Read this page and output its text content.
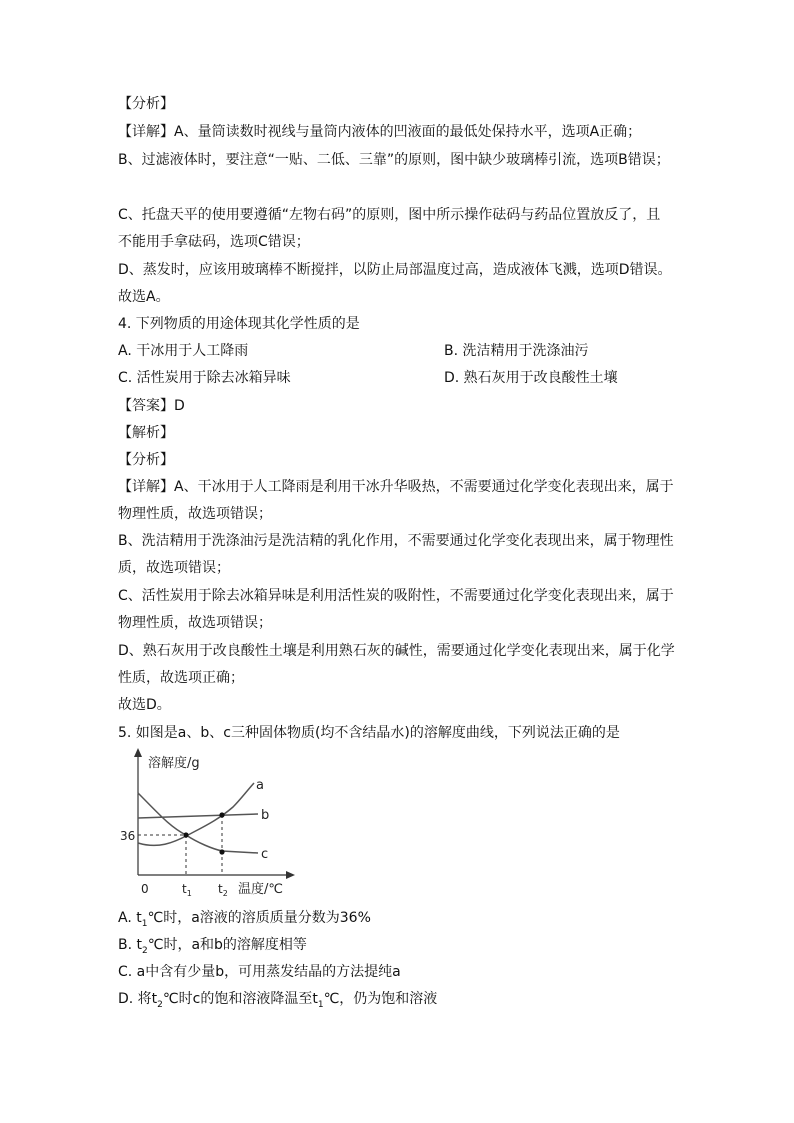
【分析】
【详解】A、量筒读数时视线与量筒内液体的凹液面的最低处保持水平，选项A正确；
B、过滤液体时，要注意“一贴、二低、三靠”的原则，图中缺少玻璃棒引流，选项B错误；
C、托盘天平的使用要遵循“左物右码”的原则，图中所示操作砝码与药品位置放反了，且
不能用手拿砝码，选项C错误；
D、蒸发时，应该用玻璃棒不断搅拌，以防止局部温度过高，造成液体飞溅，选项D错误。
故选A。
4. 下列物质的用途体现其化学性质的是
A. 干冰用于人工降雨	B. 洗洁精用于洗涤油污
C. 活性炭用于除去冰箱异味	D. 熟石灰用于改良酸性土壤
【答案】D
【解析】
【分析】
【详解】A、干冰用于人工降雨是利用干冰升华吸热，不需要通过化学变化表现出来，属于
物理性质，故选项错误；
B、洗洁精用于洗涤油污是洗洁精的乳化作用，不需要通过化学变化表现出来，属于物理性
质，故选项错误；
C、活性炭用于除去冰箱异味是利用活性炭的吸附性，不需要通过化学变化表现出来，属于
物理性质，故选项错误；
D、熟石灰用于改良酸性土壤是利用熟石灰的碱性，需要通过化学变化表现出来，属于化学
性质，故选项正确；
故选D。
5. 如图是a、b、c三种固体物质(均不含结晶水)的溶解度曲线，下列说法正确的是
溶解度/g
36
a
b
c
0	$t_1$ $t_2$ 温度/℃
A. $t_1℃$时，a溶液的溶质质量分数为36%
B. $t_2℃$时，a和b的溶解度相等
C. a中含有少量b，可用蒸发结晶的方法提纯a
D. 将$t_2℃$时c的饱和溶液降温至$t_1℃$，仍为饱和溶液
